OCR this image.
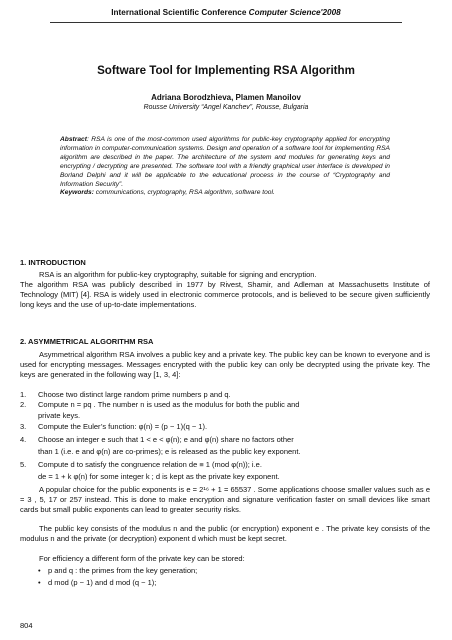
International Scientific Conference Computer Science'2008
Software Tool for Implementing RSA Algorithm
Adriana Borodzhieva, Plamen Manoilov
Rousse University “Angel Kanchev”, Rousse, Bulgaria
Abstract: RSA is one of the most-common used algorithms for public-key cryptography applied for encrypting information in computer-communication systems. Design and operation of a software tool for implementing RSA algorithm are described in the paper. The architecture of the system and modules for generating keys and encrypting / decrypting are presented. The software tool with a friendly graphical user interface is developed in Borland Delphi and it will be applicable to the educational process in the course of “Cryptography and Information Security”.
Keywords: communications, cryptography, RSA algorithm, software tool.
1. INTRODUCTION
RSA is an algorithm for public-key cryptography, suitable for signing and encryption.
The algorithm RSA was publicly described in 1977 by Rivest, Shamir, and Adleman at Massachusetts Institute of Technology (MIT) [4]. RSA is widely used in electronic commerce protocols, and is believed to be secure given sufficiently long keys and the use of up-to-date implementations.
2. ASYMMETRICAL ALGORITHM RSA
Asymmetrical algorithm RSA involves a public key and a private key. The public key can be known to everyone and is used for encrypting messages. Messages encrypted with the public key can only be decrypted using the private key. The keys are generated in the following way [1, 3, 4]:
1. Choose two distinct large random prime numbers p and q.
2. Compute n = pq . The number n is used as the modulus for both the public and
private keys.
3. Compute the Euler’s function: φ(n) = (p − 1)(q − 1).
4. Choose an integer e such that 1 < e < φ(n); e and φ(n) share no factors other
than 1 (i.e. e and φ(n) are co-primes); e is released as the public key exponent.
5. Compute d to satisfy the congruence relation de ≡ 1 (mod φ(n)); i.e.
de = 1 + k φ(n) for some integer k ; d is kept as the private key exponent.
A popular choice for the public exponents is e = 2¹⁶ + 1 = 65537 . Some applications choose smaller values such as e = 3 , 5, 17 or 257 instead. This is done to make encryption and signature verification faster on small devices like smart cards but small public exponents can lead to greater security risks.
The public key consists of the modulus n and the public (or encryption) exponent e . The private key consists of the modulus n and the private (or decryption) exponent d which must be kept secret.
For efficiency a different form of the private key can be stored:
• p and q : the primes from the key generation;
• d mod (p − 1) and d mod (q − 1);
804
